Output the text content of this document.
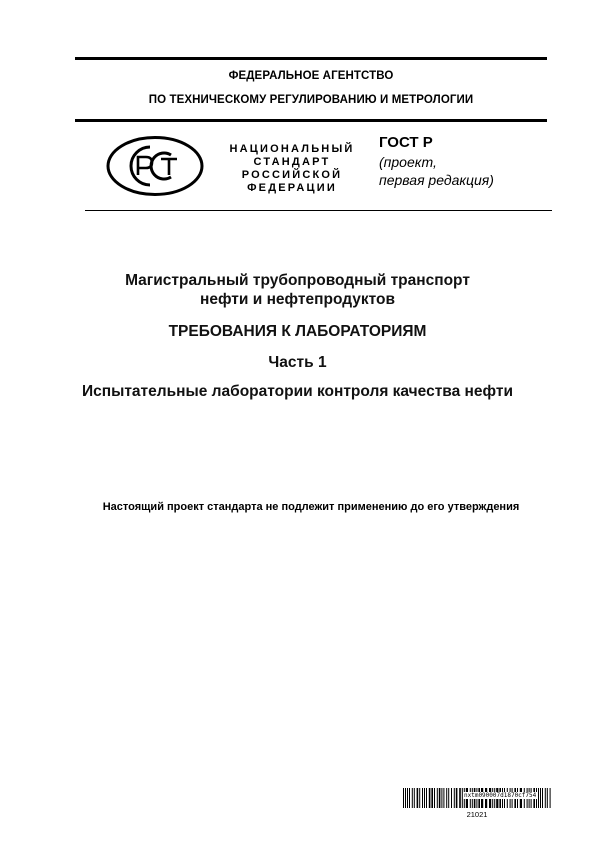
ФЕДЕРАЛЬНОЕ АГЕНТСТВО
ПО ТЕХНИЧЕСКОМУ РЕГУЛИРОВАНИЮ И МЕТРОЛОГИИ
НАЦИОНАЛЬНЫЙ
СТАНДАРТ
РОССИЙСКОЙ
ФЕДЕРАЦИИ
ГОСТ Р
(проект,
первая редакция)
Магистральный трубопроводный транспорт
нефти и нефтепродуктов
ТРЕБОВАНИЯ К ЛАБОРАТОРИЯМ
Часть 1
Испытательные лаборатории контроля качества нефти
Настоящий проект стандарта не подлежит применению до его утверждения
nxtm090007d1870cf754
21021
